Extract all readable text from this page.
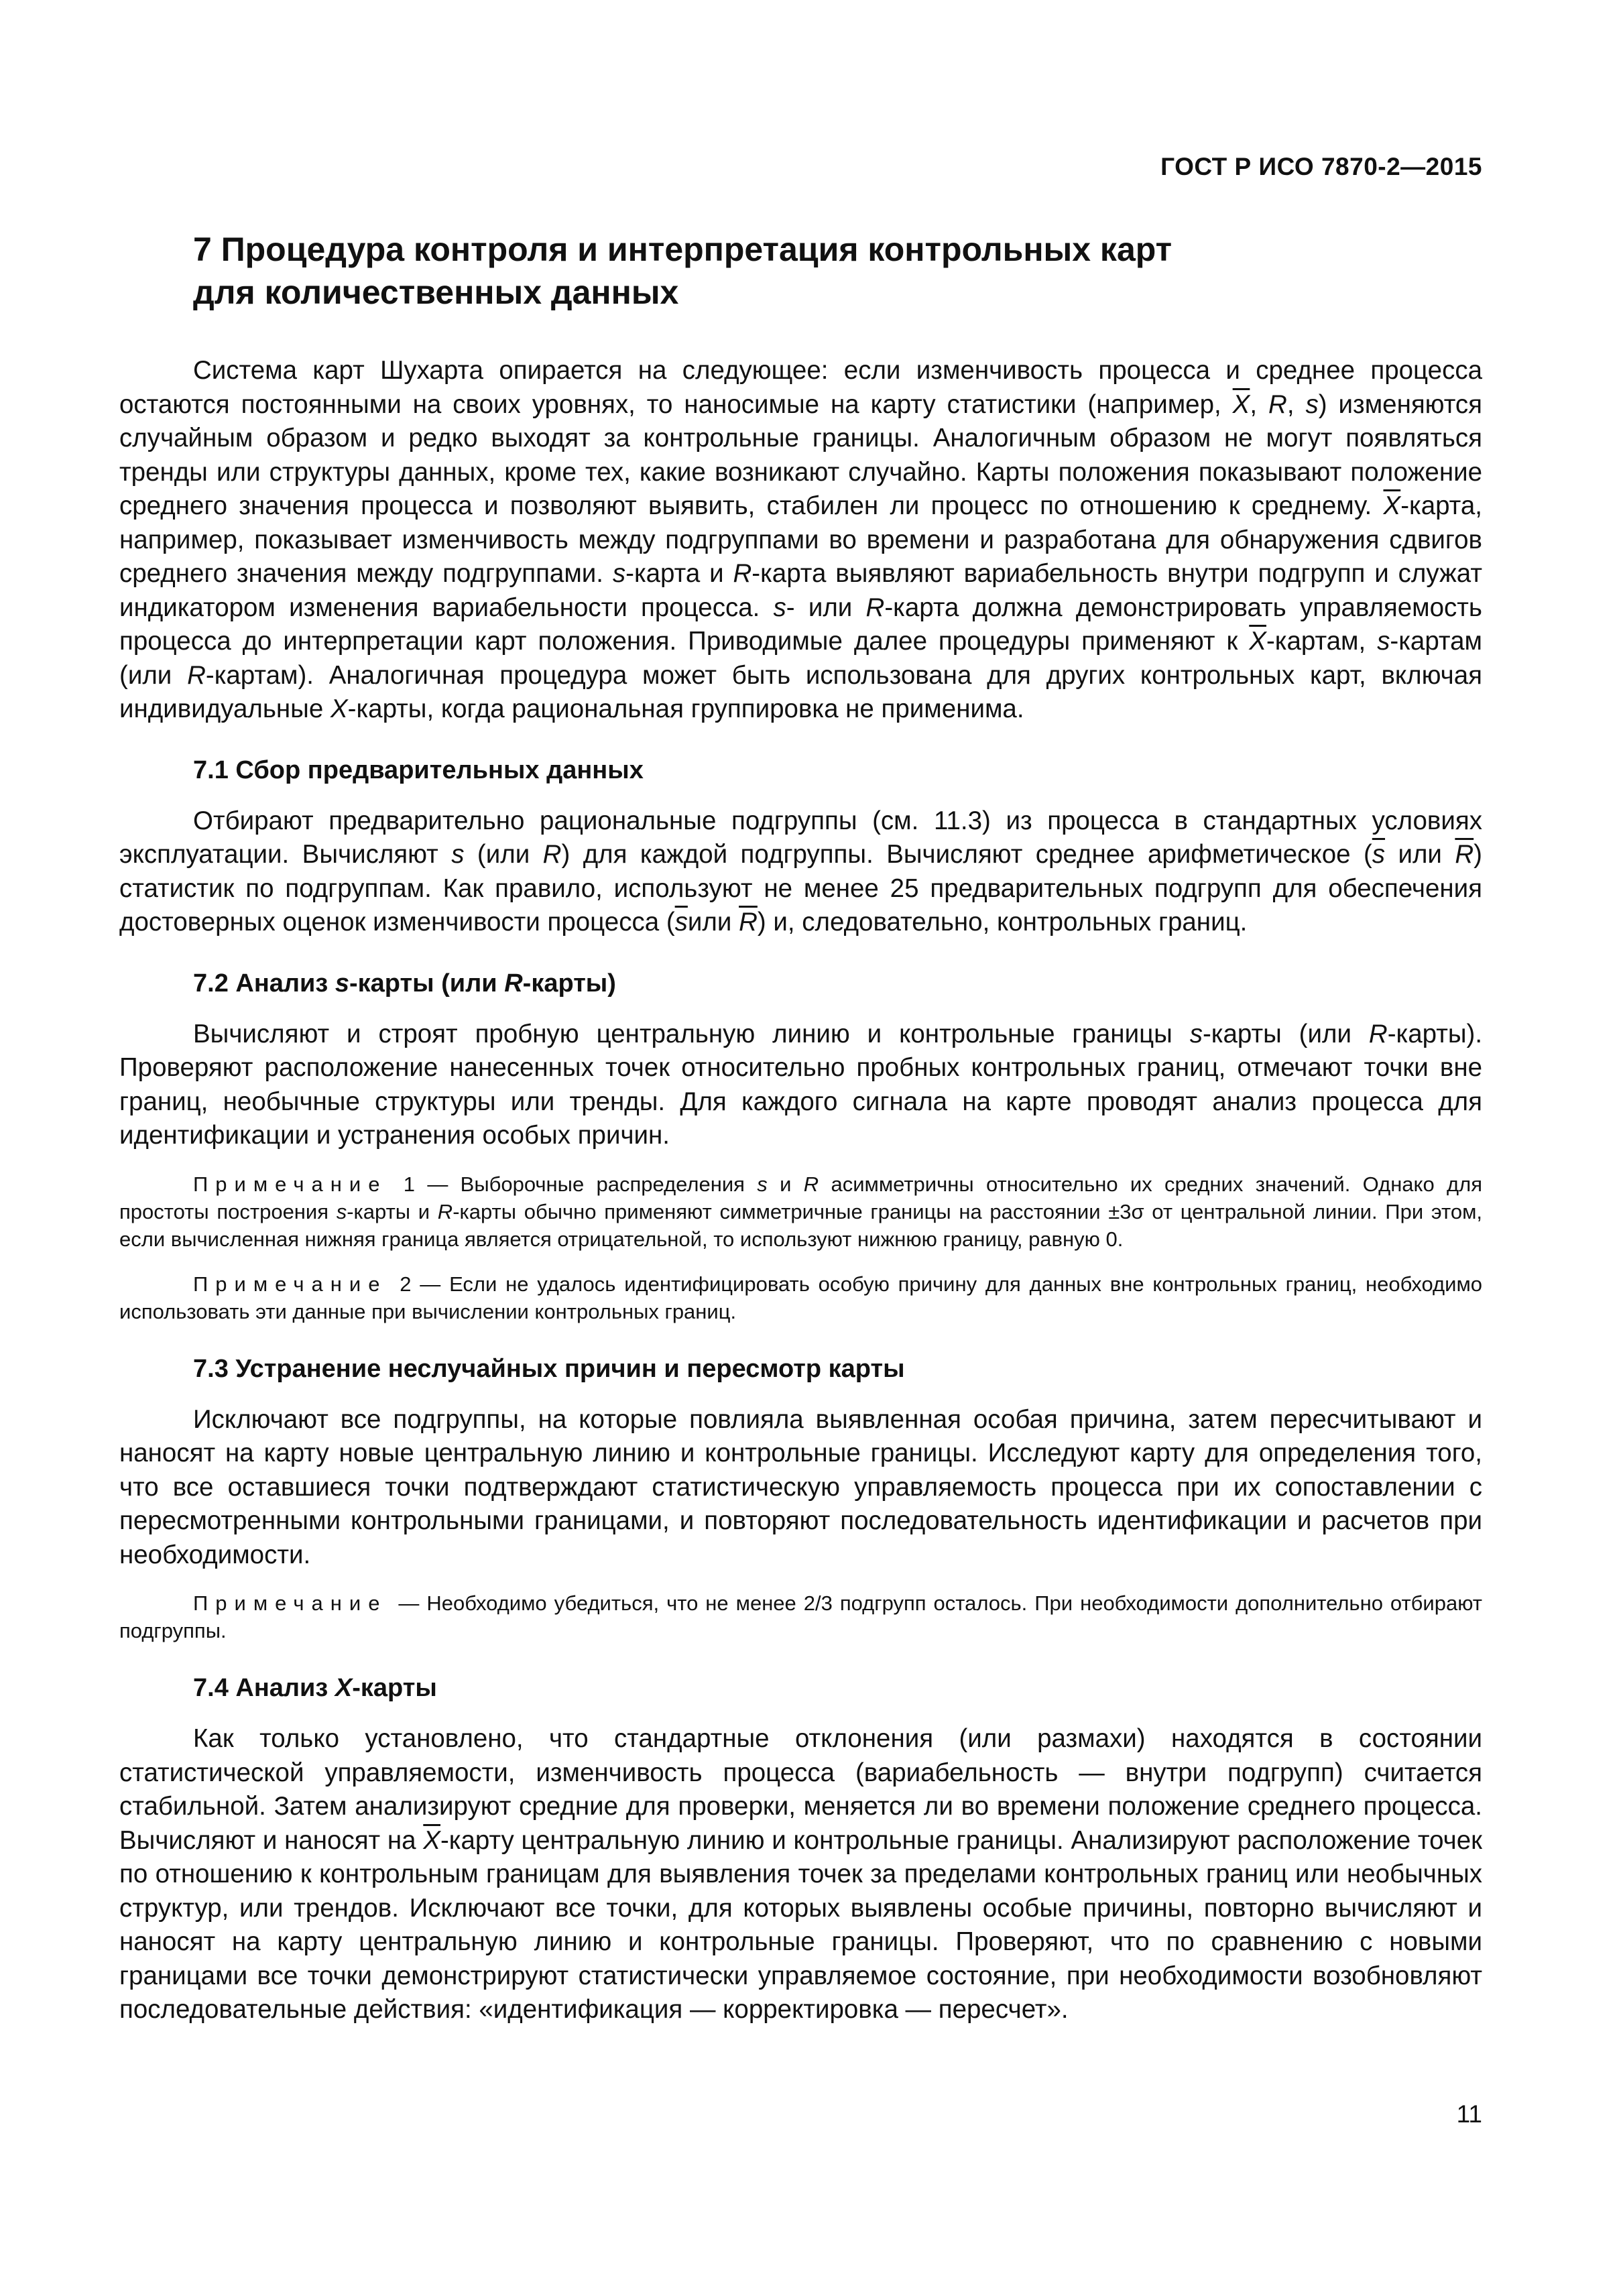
ГОСТ Р ИСО 7870-2—2015
7 Процедура контроля и интерпретация контрольных карт
для количественных данных

Система карт Шухарта опирается на следующее: если изменчивость процесса и среднее процесса остаются постоянными на своих уровнях, то наносимые на карту статистики (например, $\overline{X}$, R, s) изменяются случайным образом и редко выходят за контрольные границы. Аналогичным образом не могут появляться тренды или структуры данных, кроме тех, какие возникают случайно. Карты положения показывают положение среднего значения процесса и позволяют выявить, стабилен ли процесс по отношению к среднему. $\overline{X}$-карта, например, показывает изменчивость между подгруппами во времени и разработана для обнаружения сдвигов среднего значения между подгруппами. s-карта и R-карта выявляют вариабельность внутри подгрупп и служат индикатором изменения вариабельности процесса. s- или R-карта должна демонстрировать управляемость процесса до интерпретации карт положения. Приводимые далее процедуры применяют к $\overline{X}$-картам, s-картам (или R-картам). Аналогичная процедура может быть использована для других контрольных карт, включая индивидуальные X-карты, когда рациональная группировка не применима.

7.1 Сбор предварительных данных

Отбирают предварительно рациональные подгруппы (см. 11.3) из процесса в стандартных условиях эксплуатации. Вычисляют s (или R) для каждой подгруппы. Вычисляют среднее арифметическое ($\overline{s}$ или $\overline{R}$) статистик по подгруппам. Как правило, используют не менее 25 предварительных подгрупп для обеспечения достоверных оценок изменчивости процесса ($\overline{s}или$ $\overline{R}$) и, следовательно, контрольных границ.

7.2 Анализ s-карты (или R-карты)

Вычисляют и строят пробную центральную линию и контрольные границы s-карты (или R-карты). Проверяют расположение нанесенных точек относительно пробных контрольных границ, отмечают точки вне границ, необычные структуры или тренды. Для каждого сигнала на карте проводят анализ процесса для идентификации и устранения особых причин.

Примечание 1 — Выборочные распределения s и R асимметричны относительно их средних значений. Однако для простоты построения s-карты и R-карты обычно применяют симметричные границы на расстоянии ±3σ от центральной линии. При этом, если вычисленная нижняя граница является отрицательной, то используют нижнюю границу, равную 0.

Примечание 2 — Если не удалось идентифицировать особую причину для данных вне контрольных границ, необходимо использовать эти данные при вычислении контрольных границ.

7.3 Устранение неслучайных причин и пересмотр карты

Исключают все подгруппы, на которые повлияла выявленная особая причина, затем пересчитывают и наносят на карту новые центральную линию и контрольные границы. Исследуют карту для определения того, что все оставшиеся точки подтверждают статистическую управляемость процесса при их сопоставлении с пересмотренными контрольными границами, и повторяют последовательность идентификации и расчетов при необходимости.

Примечание — Необходимо убедиться, что не менее 2/3 подгрупп осталось. При необходимости дополнительно отбирают подгруппы.

7.4 Анализ X-карты

Как только установлено, что стандартные отклонения (или размахи) находятся в состоянии статистической управляемости, изменчивость процесса (вариабельность — внутри подгрупп) считается стабильной. Затем анализируют средние для проверки, меняется ли во времени положение среднего процесса. Вычисляют и наносят на $\overline{X}$-карту центральную линию и контрольные границы. Анализируют расположение точек по отношению к контрольным границам для выявления точек за пределами контрольных границ или необычных структур, или трендов. Исключают все точки, для которых выявлены особые причины, повторно вычисляют и наносят на карту центральную линию и контрольные границы. Проверяют, что по сравнению с новыми границами все точки демонстрируют статистически управляемое состояние, при необходимости возобновляют последовательные действия: «идентификация — корректировка — пересчет».

11
